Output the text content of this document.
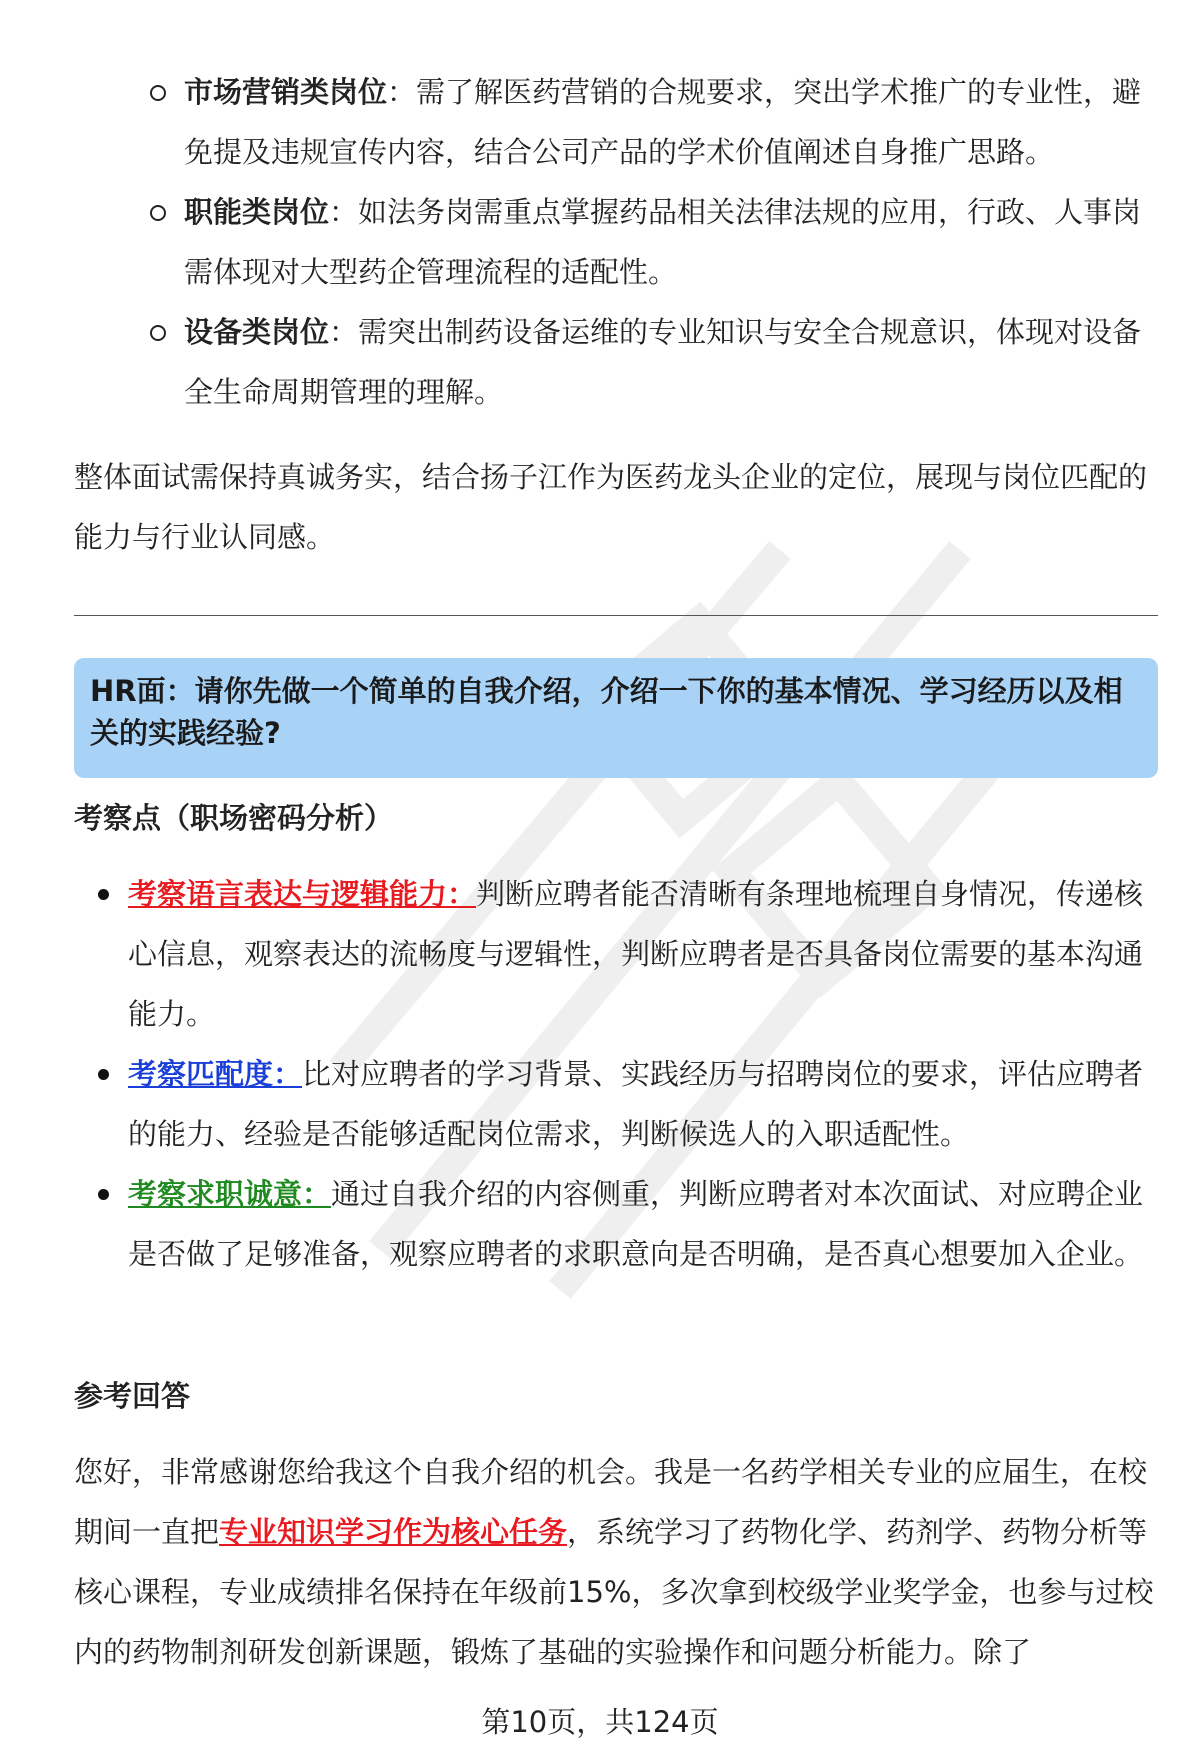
市场营销类岗位：需了解医药营销的合规要求，突出学术推广的专业性，避免提及违规宣传内容，结合公司产品的学术价值阐述自身推广思路。
职能类岗位：如法务岗需重点掌握药品相关法律法规的应用，行政、人事岗需体现对大型药企管理流程的适配性。
设备类岗位：需突出制药设备运维的专业知识与安全合规意识，体现对设备全生命周期管理的理解。

整体面试需保持真诚务实，结合扬子江作为医药龙头企业的定位，展现与岗位匹配的能力与行业认同感。

HR面：请你先做一个简单的自我介绍，介绍一下你的基本情况、学习经历以及相关的实践经验?
考察点（职场密码分析）
考察语言表达与逻辑能力：判断应聘者能否清晰有条理地梳理自身情况，传递核心信息，观察表达的流畅度与逻辑性，判断应聘者是否具备岗位需要的基本沟通能力。
考察匹配度：比对应聘者的学习背景、实践经历与招聘岗位的要求，评估应聘者的能力、经验是否能够适配岗位需求，判断候选人的入职适配性。
考察求职诚意：通过自我介绍的内容侧重，判断应聘者对本次面试、对应聘企业是否做了足够准备，观察应聘者的求职意向是否明确，是否真心想要加入企业。
参考回答

您好，非常感谢您给我这个自我介绍的机会。我是一名药学相关专业的应届生，在校期间一直把专业知识学习作为核心任务，系统学习了药物化学、药剂学、药物分析等核心课程，专业成绩排名保持在年级前15%，多次拿到校级学业奖学金，也参与过校内的药物制剂研发创新课题，锻炼了基础的实验操作和问题分析能力。除了

第10页，共124页
